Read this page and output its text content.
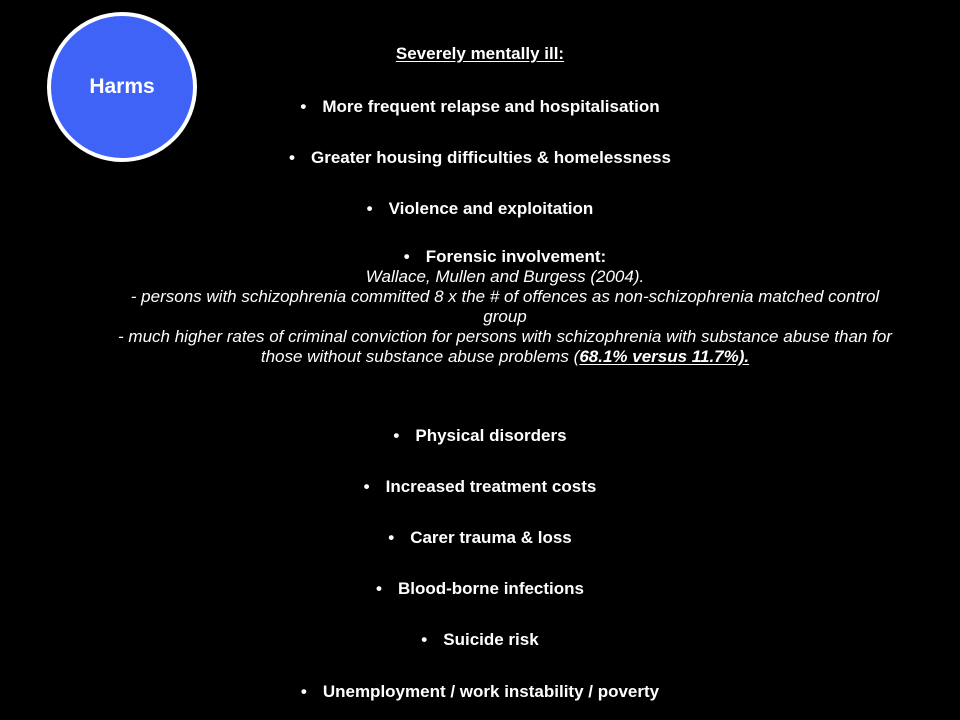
Harms
Severely mentally ill:
• More frequent relapse and hospitalisation
• Greater housing difficulties & homelessness
• Violence and exploitation
• Forensic involvement:
Wallace, Mullen and Burgess (2004).
- persons with schizophrenia committed 8 x the # of offences as non-schizophrenia matched control group
- much higher rates of criminal conviction for persons with schizophrenia with substance abuse than for those without substance abuse problems (68.1% versus 11.7%).
• Physical disorders
• Increased treatment costs
• Carer trauma & loss
• Blood-borne infections
• Suicide risk
• Unemployment / work instability / poverty
